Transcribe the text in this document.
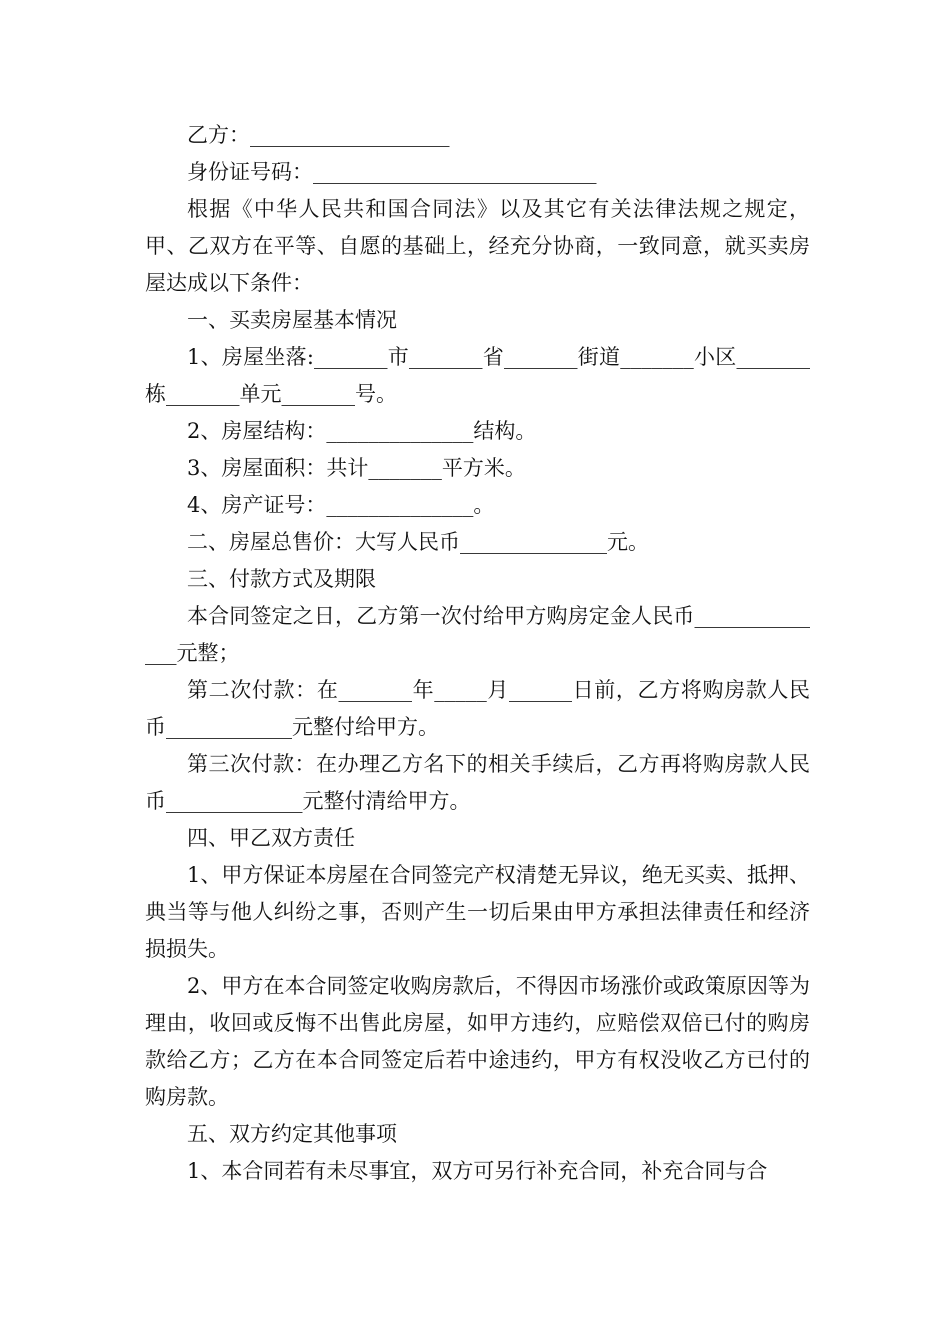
乙方：___________________

身份证号码：___________________________

根据《中华人民共和国合同法》以及其它有关法律法规之规定，甲、乙双方在平等、自愿的基础上，经充分协商，一致同意，就买卖房屋达成以下条件：

一、买卖房屋基本情况

1、房屋坐落:_______市_______省_______街道_______小区_______栋_______单元_______号。

2、房屋结构：______________结构。

3、房屋面积：共计_______平方米。

4、房产证号：______________。

二、房屋总售价：大写人民币______________元。

三、付款方式及期限

本合同签定之日，乙方第一次付给甲方购房定金人民币______________元整；

第二次付款：在_______年_____月______日前，乙方将购房款人民币____________元整付给甲方。

第三次付款：在办理乙方名下的相关手续后，乙方再将购房款人民币_____________元整付清给甲方。

四、甲乙双方责任

1、甲方保证本房屋在合同签完产权清楚无异议，绝无买卖、抵押、典当等与他人纠纷之事，否则产生一切后果由甲方承担法律责任和经济损损失。

2、甲方在本合同签定收购房款后，不得因市场涨价或政策原因等为理由，收回或反悔不出售此房屋，如甲方违约，应赔偿双倍已付的购房款给乙方；乙方在本合同签定后若中途违约，甲方有权没收乙方已付的购房款。

五、双方约定其他事项

1、本合同若有未尽事宜，双方可另行补充合同，补充合同与合
